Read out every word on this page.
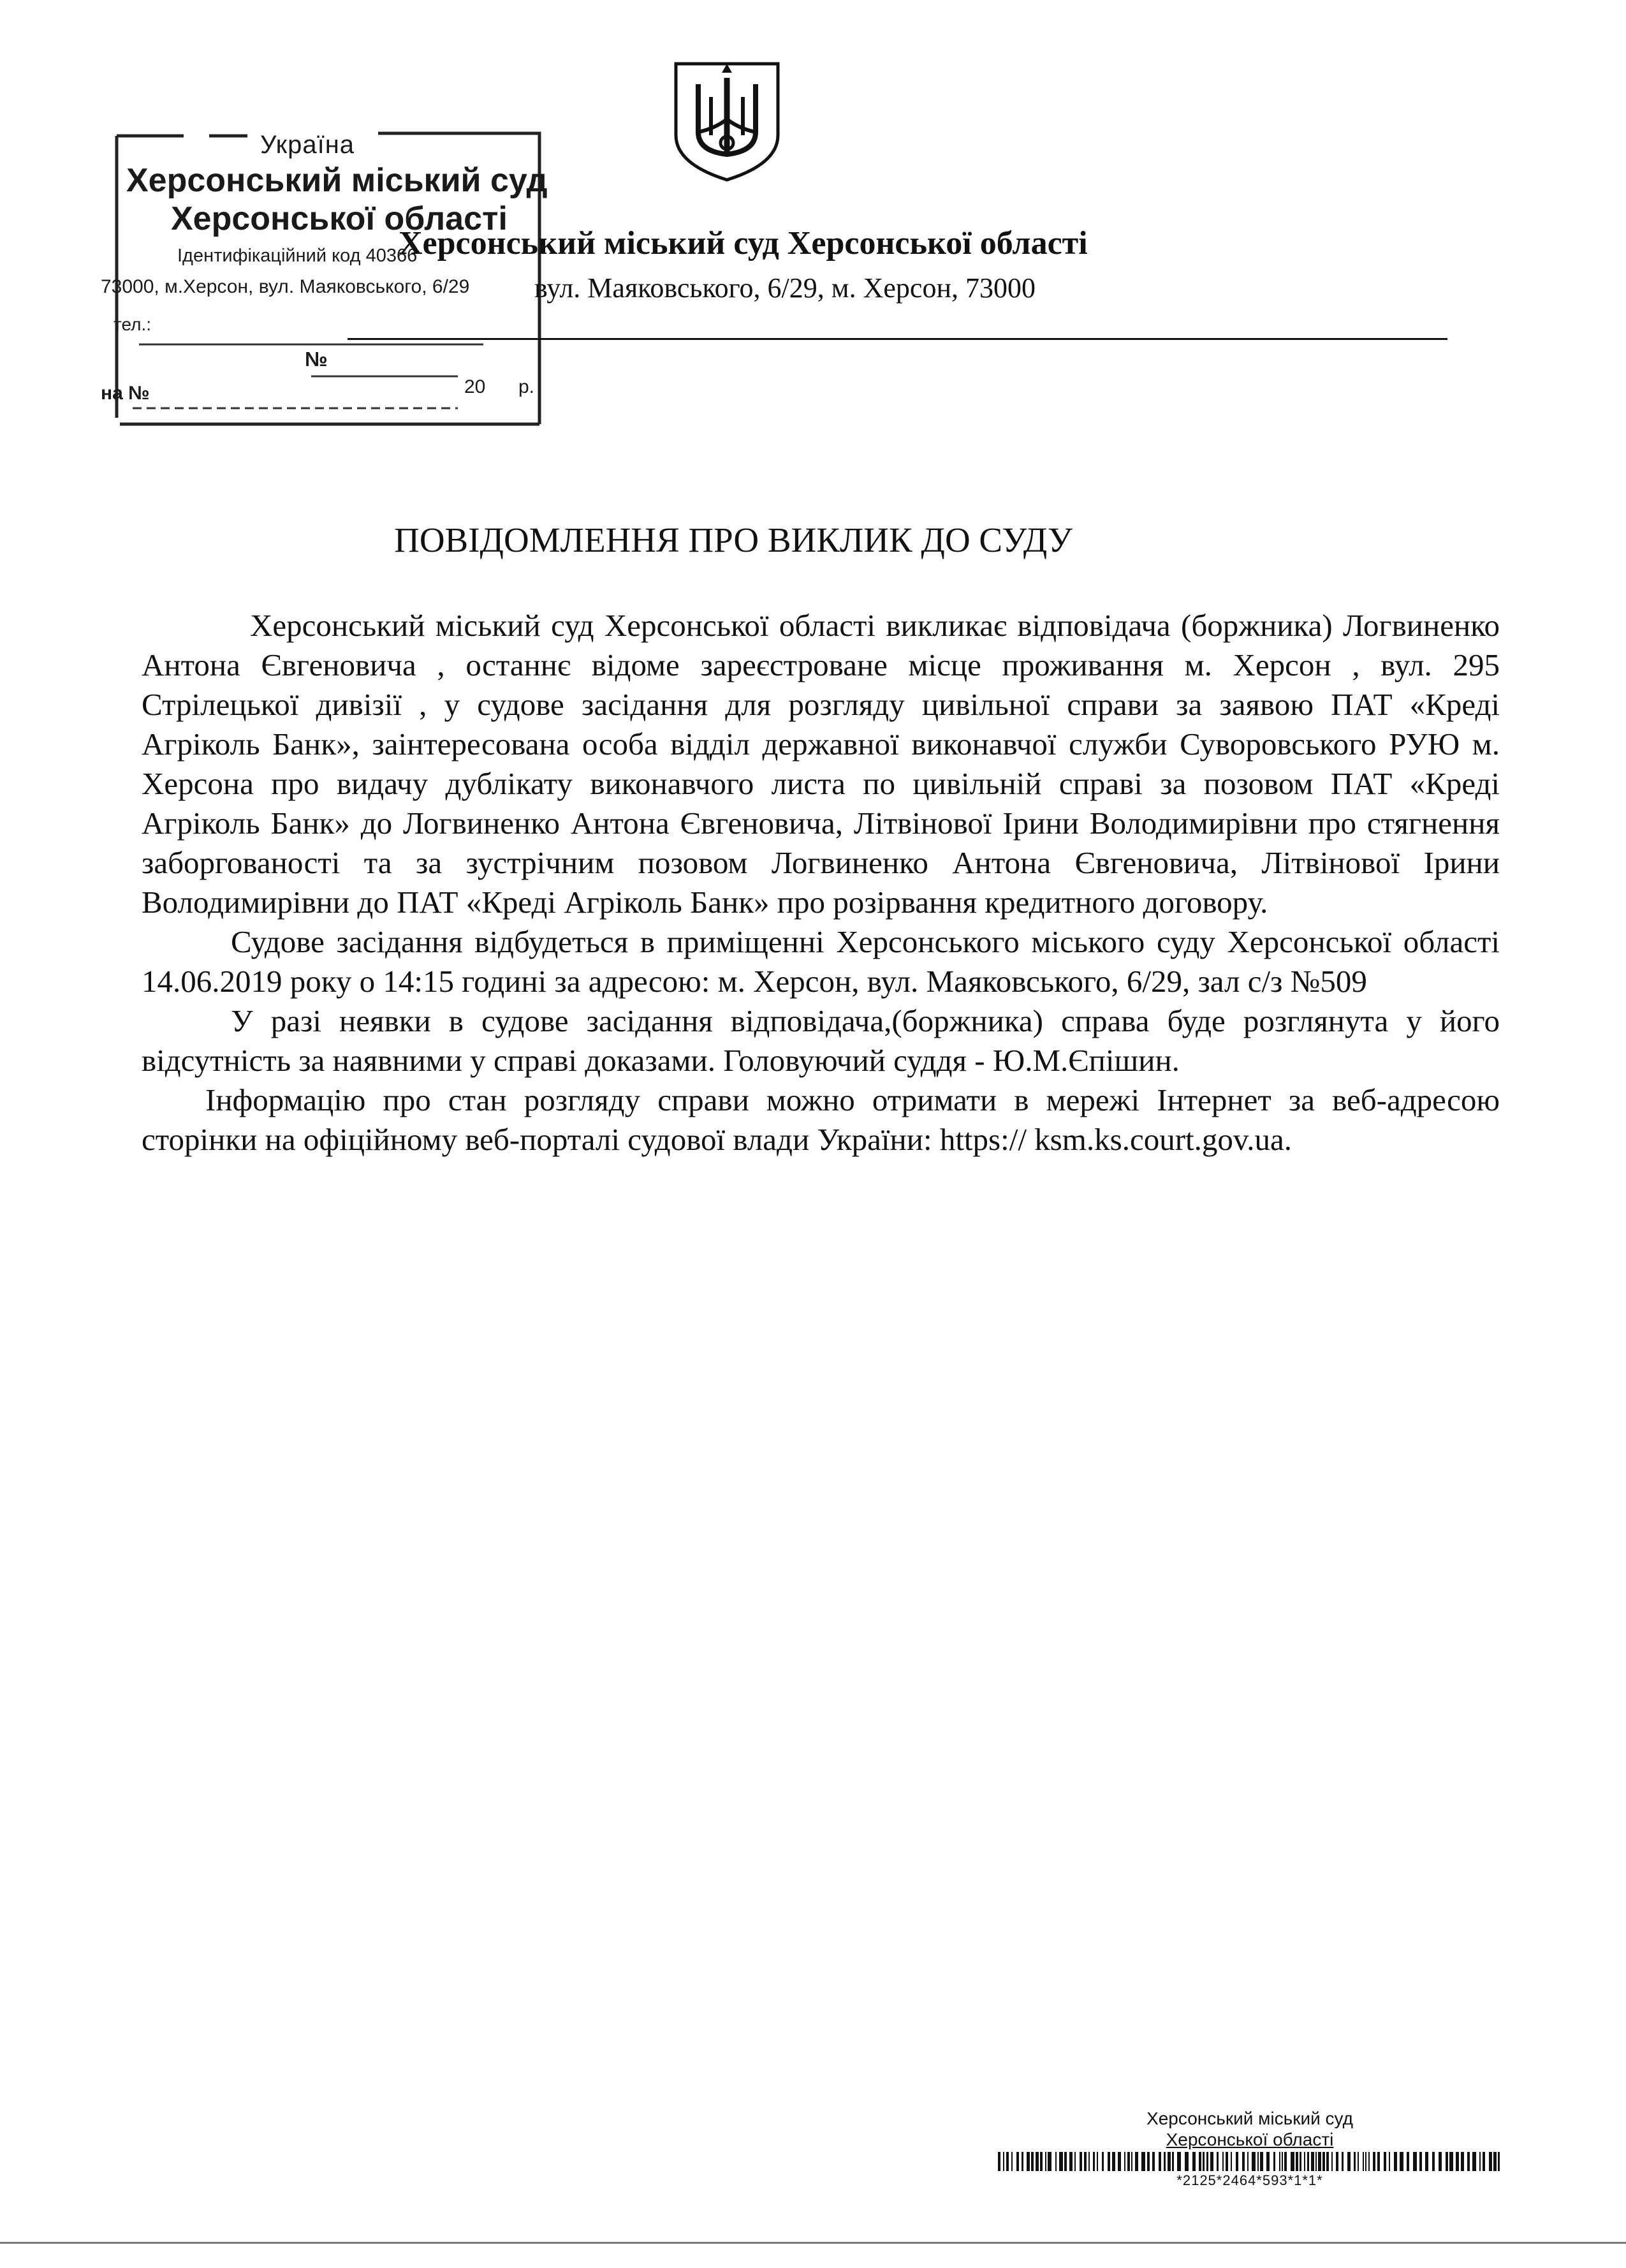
Україна
Херсонський міський суд
Херсонської області
Ідентифікаційний код 40366
73000, м.Херсон, вул. Маяковського, 6/29
тел.:
№
на №	20 р.
Херсонський міський суд Херсонської області
вул. Маяковського, 6/29, м. Херсон, 73000
ПОВІДОМЛЕННЯ ПРО ВИКЛИК ДО СУДУ

Херсонський міський суд Херсонської області викликає відповідача (боржника) Логвиненко Антона Євгеновича , останнє відоме зареєстроване місце проживання м. Херсон , вул. 295 Стрілецької дивізії , у судове засідання для розгляду цивільної справи за заявою ПАТ «Креді Агріколь Банк», заінтересована особа відділ державної виконавчої служби Суворовського РУЮ м. Херсона про видачу дублікату виконавчого листа по цивільній справі за позовом ПАТ «Креді Агріколь Банк» до Логвиненко Антона Євгеновича, Літвінової Ірини Володимирівни про стягнення заборгованості та за зустрічним позовом Логвиненко Антона Євгеновича, Літвінової Ірини Володимирівни до ПАТ «Креді Агріколь Банк» про розірвання кредитного договору.

Судове засідання відбудеться в приміщенні Херсонського міського суду Херсонської області 14.06.2019 року о 14:15 годині за адресою: м. Херсон, вул. Маяковського, 6/29, зал с/з №509

У разі неявки в судове засідання відповідача,(боржника) справа буде розглянута у його відсутність за наявними у справі доказами. Головуючий суддя - Ю.М.Єпішин.

Інформацію про стан розгляду справи можно отримати в мережі Інтернет за веб-адресою сторінки на офіційному веб-порталі судової влади України: https:// ksm.ks.court.gov.ua.

Херсонський міський суд
Херсонської області
*2125*2464*593*1*1*
